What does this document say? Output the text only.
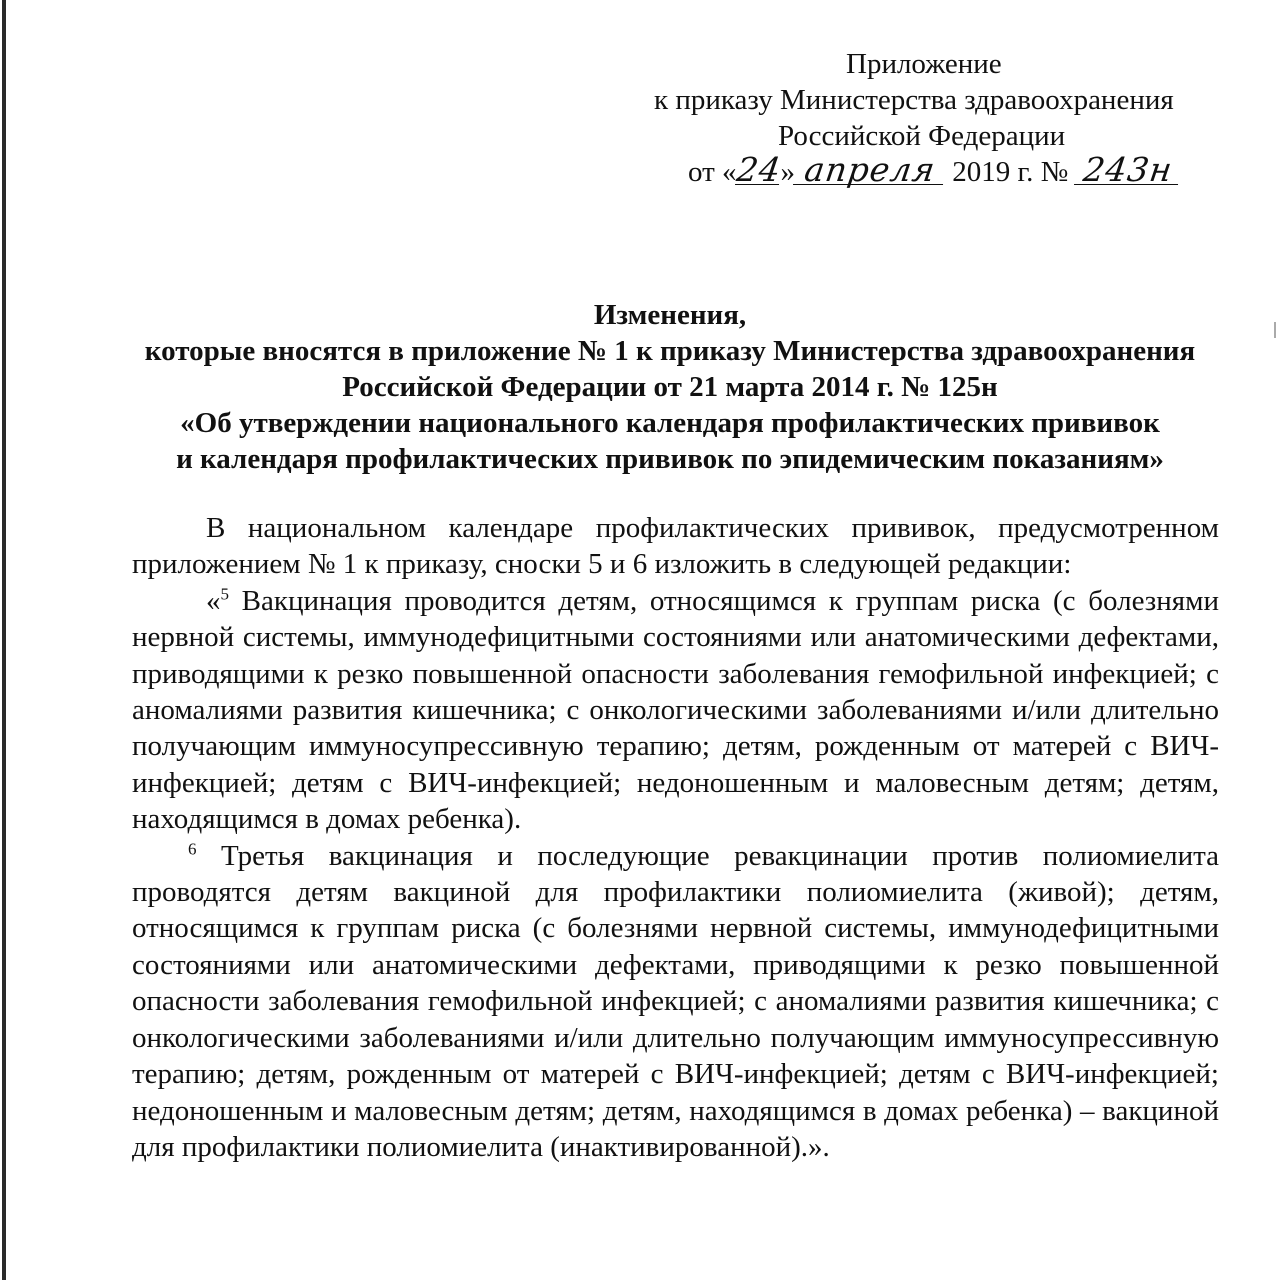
Приложение
к приказу Министерства здравоохранения
Российской Федерации
от «24» апреля 2019 г. № 243н
Изменения,
которые вносятся в приложение № 1 к приказу Министерства здравоохранения
Российской Федерации от 21 марта 2014 г. № 125н
«Об утверждении национального календаря профилактических прививок
и календаря профилактических прививок по эпидемическим показаниям»

В национальном календаре профилактических прививок, предусмотренном приложением № 1 к приказу, сноски 5 и 6 изложить в следующей редакции:

«$^5$ Вакцинация проводится детям, относящимся к группам риска (с болезнями нервной системы, иммунодефицитными состояниями или анатомическими дефектами, приводящими к резко повышенной опасности заболевания гемофильной инфекцией; с аномалиями развития кишечника; с онкологическими заболеваниями и/или длительно получающим иммуносупрессивную терапию; детям, рожденным от матерей с ВИЧ-инфекцией; детям с ВИЧ-инфекцией; недоношенным и маловесным детям; детям, находящимся в домах ребенка).

$^6$ Третья вакцинация и последующие ревакцинации против полиомиелита проводятся детям вакциной для профилактики полиомиелита (живой); детям, относящимся к группам риска (с болезнями нервной системы, иммунодефицитными состояниями или анатомическими дефектами, приводящими к резко повышенной опасности заболевания гемофильной инфекцией; с аномалиями развития кишечника; с онкологическими заболеваниями и/или длительно получающим иммуносупрессивную терапию; детям, рожденным от матерей с ВИЧ-инфекцией; детям с ВИЧ-инфекцией; недоношенным и маловесным детям; детям, находящимся в домах ребенка) – вакциной для профилактики полиомиелита (инактивированной).».
